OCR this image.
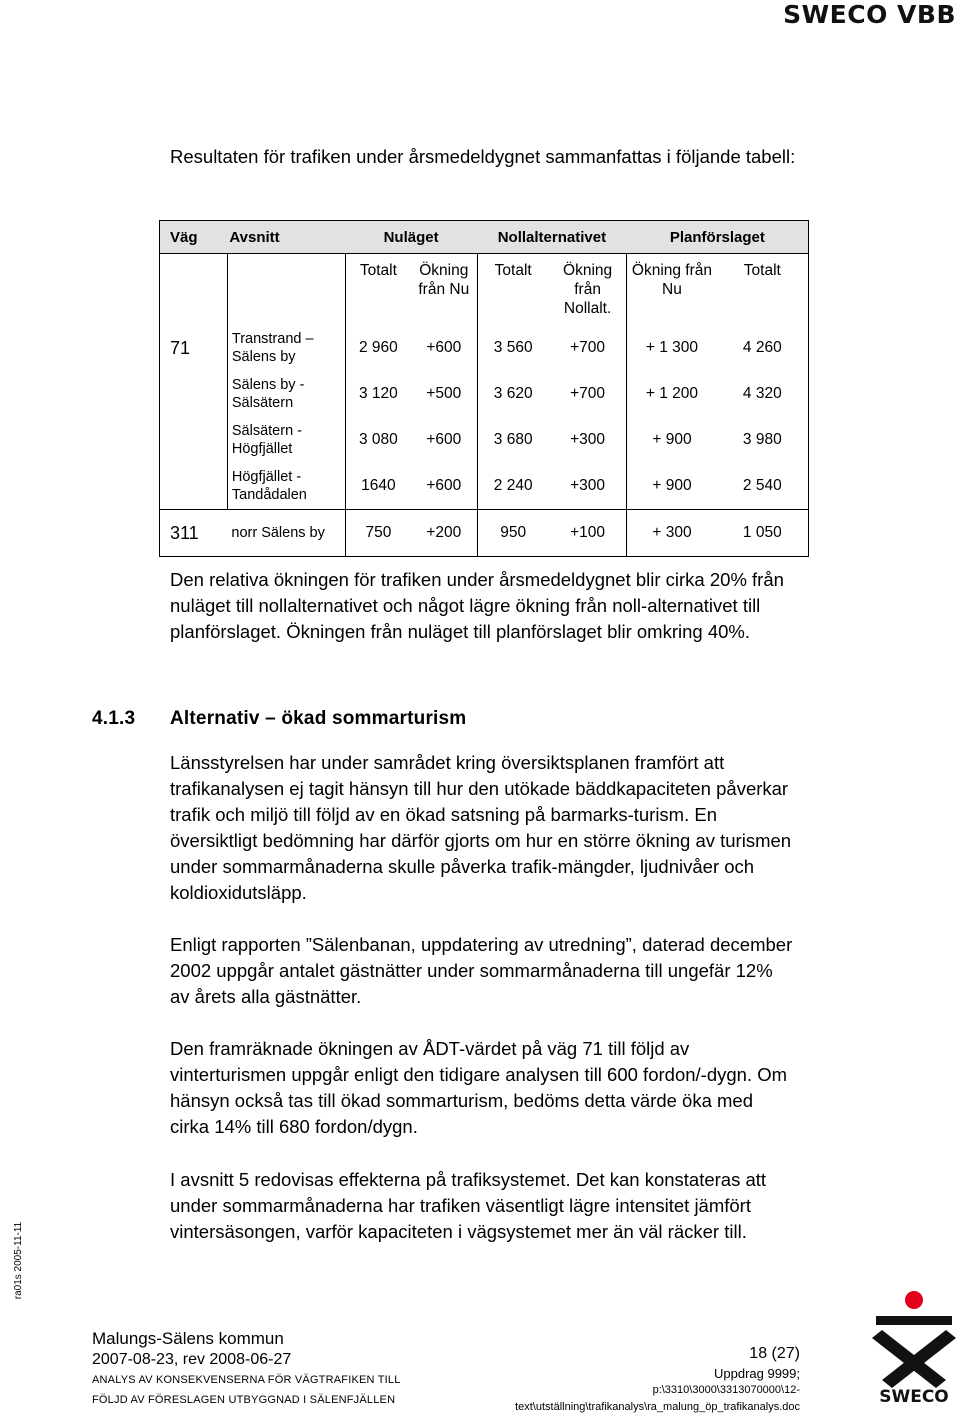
SWECO VBB

Resultaten för trafiken under årsmedeldygnet sammanfattas i följande tabell:

Väg	Avsnitt	Nuläget		Nollalternativet		Planförslaget	
		Totalt	Ökning från Nu	Totalt	Ökning från Nollalt.	Ökning från Nu	Totalt
71	Transtrand – Sälens by	2 960	+600	3 560	+700	+ 1 300	4 260
	Sälens by - Sälsätern	3 120	+500	3 620	+700	+ 1 200	4 320
	Sälsätern - Högfjället	3 080	+600	3 680	+300	+ 900	3 980
	Högfjället - Tandådalen	1640	+600	2 240	+300	+ 900	2 540
311	norr Sälens by	750	+200	950	+100	+ 300	1 050

Den relativa ökningen för trafiken under årsmedeldygnet blir cirka 20% från nuläget till nollalternativet och något lägre ökning från noll-alternativet till planförslaget. Ökningen från nuläget till planförslaget blir omkring 40%.

4.1.3 Alternativ – ökad sommarturism

Länsstyrelsen har under samrådet kring översiktsplanen framfört att trafikanalysen ej tagit hänsyn till hur den utökade bäddkapaciteten påverkar trafik och miljö till följd av en ökad satsning på barmarks-turism. En översiktligt bedömning har därför gjorts om hur en större ökning av turismen under sommarmånaderna skulle påverka trafik-mängder, ljudnivåer och koldioxidutsläpp.

Enligt rapporten ”Sälenbanan, uppdatering av utredning”, daterad december 2002 uppgår antalet gästnätter under sommarmånaderna till ungefär 12% av årets alla gästnätter.

Den framräknade ökningen av ÅDT-värdet på väg 71 till följd av vinterturismen uppgår enligt den tidigare analysen till 600 fordon/-dygn. Om hänsyn också tas till ökad sommarturism, bedöms detta värde öka med cirka 14% till 680 fordon/dygn.

I avsnitt 5 redovisas effekterna på trafiksystemet. Det kan konstateras att under sommarmånaderna har trafiken väsentligt lägre intensitet jämfört vintersäsongen, varför kapaciteten i vägsystemet mer än väl räcker till.

ra01s 2005-11-11
Malungs-Sälens kommun
2007-08-23, rev 2008-06-27
ANALYS AV KONSEKVENSERNA FÖR VÄGTRAFIKEN TILL
FÖLJD AV FÖRESLAGEN UTBYGGNAD I SÄLENFJÄLLEN
18 (27)
Uppdrag 9999;
p:\3310\3000\3313070000\12-
text\utställning\trafikanalys\ra_malung_öp_trafikanalys.doc	SWECO
